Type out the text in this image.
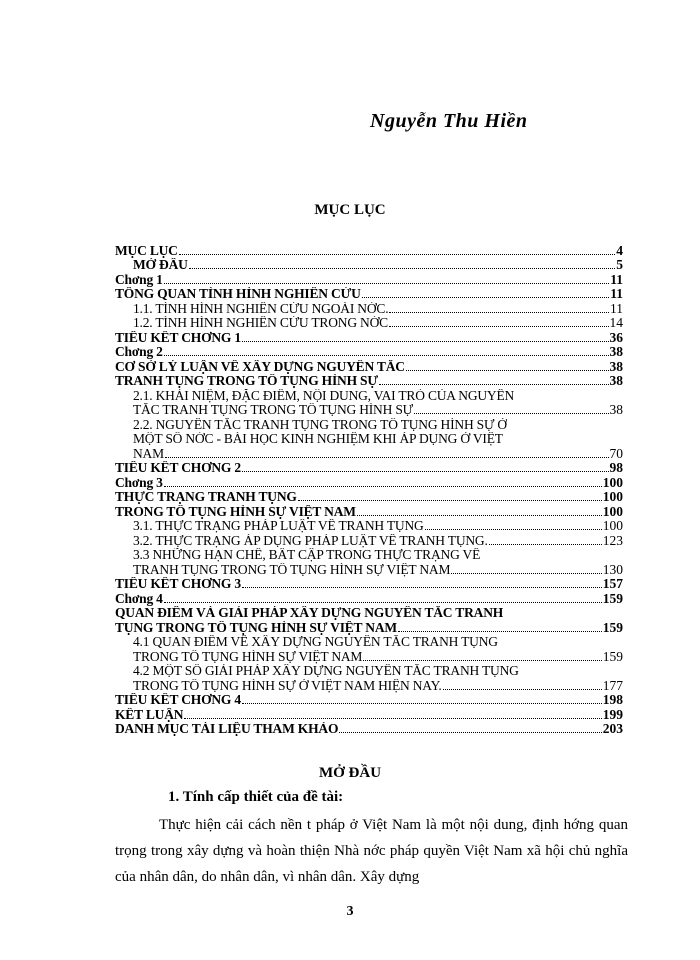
Nguyễn Thu Hiền
MỤC LỤC
MỤC LỤC	4
MỞ ĐẦU	5
Chơng 1	11
TỔNG QUAN TÌNH HÌNH NGHIÊN CỨU	11
1.1. TÌNH HÌNH NGHIÊN CỨU NGOÀI NỚC.	11
1.2. TÌNH HÌNH NGHIÊN CỨU TRONG NỚC	14
TIỂU KẾT CHƠNG 1	36
Chơng 2	38
CƠ SỞ LÝ LUẬN VỀ XÂY DỰNG NGUYÊN TẮC	38
TRANH TỤNG TRONG TỐ TỤNG HÌNH SỰ	38
2.1. KHÁI NIỆM, ĐẶC ĐIỂM, NỘI DUNG, VAI TRÒ CỦA NGUYÊN
TẮC TRANH TỤNG TRONG TỐ TỤNG HÌNH SỰ	38
2.2. NGUYÊN TẮC TRANH TỤNG TRONG TỐ TỤNG HÌNH SỰ Ở
MỘT SỐ NỚC - BÀI HỌC KINH NGHIỆM KHI ÁP DỤNG Ở VIỆT
NAM	70
TIỂU KẾT CHƠNG 2	98
Chơng 3	100
THỰC TRẠNG TRANH TỤNG	100
TRONG TỐ TỤNG HÌNH SỰ VIỆT NAM	100
3.1. THỰC TRẠNG PHÁP LUẬT VỀ TRANH TỤNG	100
3.2. THỰC TRẠNG ÁP DỤNG PHÁP LUẬT VỀ TRANH TỤNG.	123
3.3 NHỮNG HẠN CHẾ, BẤT CẬP TRONG THỰC TRẠNG VỀ
TRANH TỤNG TRONG TỐ TỤNG HÌNH SỰ VIỆT NAM	130
TIỂU KẾT CHƠNG 3	157
Chơng 4	159
QUAN ĐIỂM VÀ GIẢI PHÁP XÂY DỰNG NGUYÊN TẮC TRANH
TỤNG TRONG TỐ TỤNG HÌNH SỰ VIỆT NAM	159
4.1 QUAN ĐIỂM VỀ XÂY DỰNG NGUYÊN TẮC TRANH TỤNG
TRONG TỐ TỤNG HÌNH SỰ VIỆT NAM	159
4.2 MỘT SỐ GIẢI PHÁP XÂY DỰNG NGUYÊN TẮC TRANH TỤNG
TRONG TỐ TỤNG HÌNH SỰ Ở VIỆT NAM HIỆN NAY.	177
TIỂU KẾT CHƠNG 4	198
KẾT LUẬN	199
DANH MỤC TÀI LIỆU THAM KHẢO	203
MỞ ĐẦU
1. Tính cấp thiết của đề tài:
Thực hiện cải cách nền t pháp ở Việt Nam là một nội dung, định hớng quan trọng trong xây dựng và hoàn thiện Nhà nớc pháp quyền Việt Nam xã hội chủ nghĩa của nhân dân, do nhân dân, vì nhân dân. Xây dựng
3
